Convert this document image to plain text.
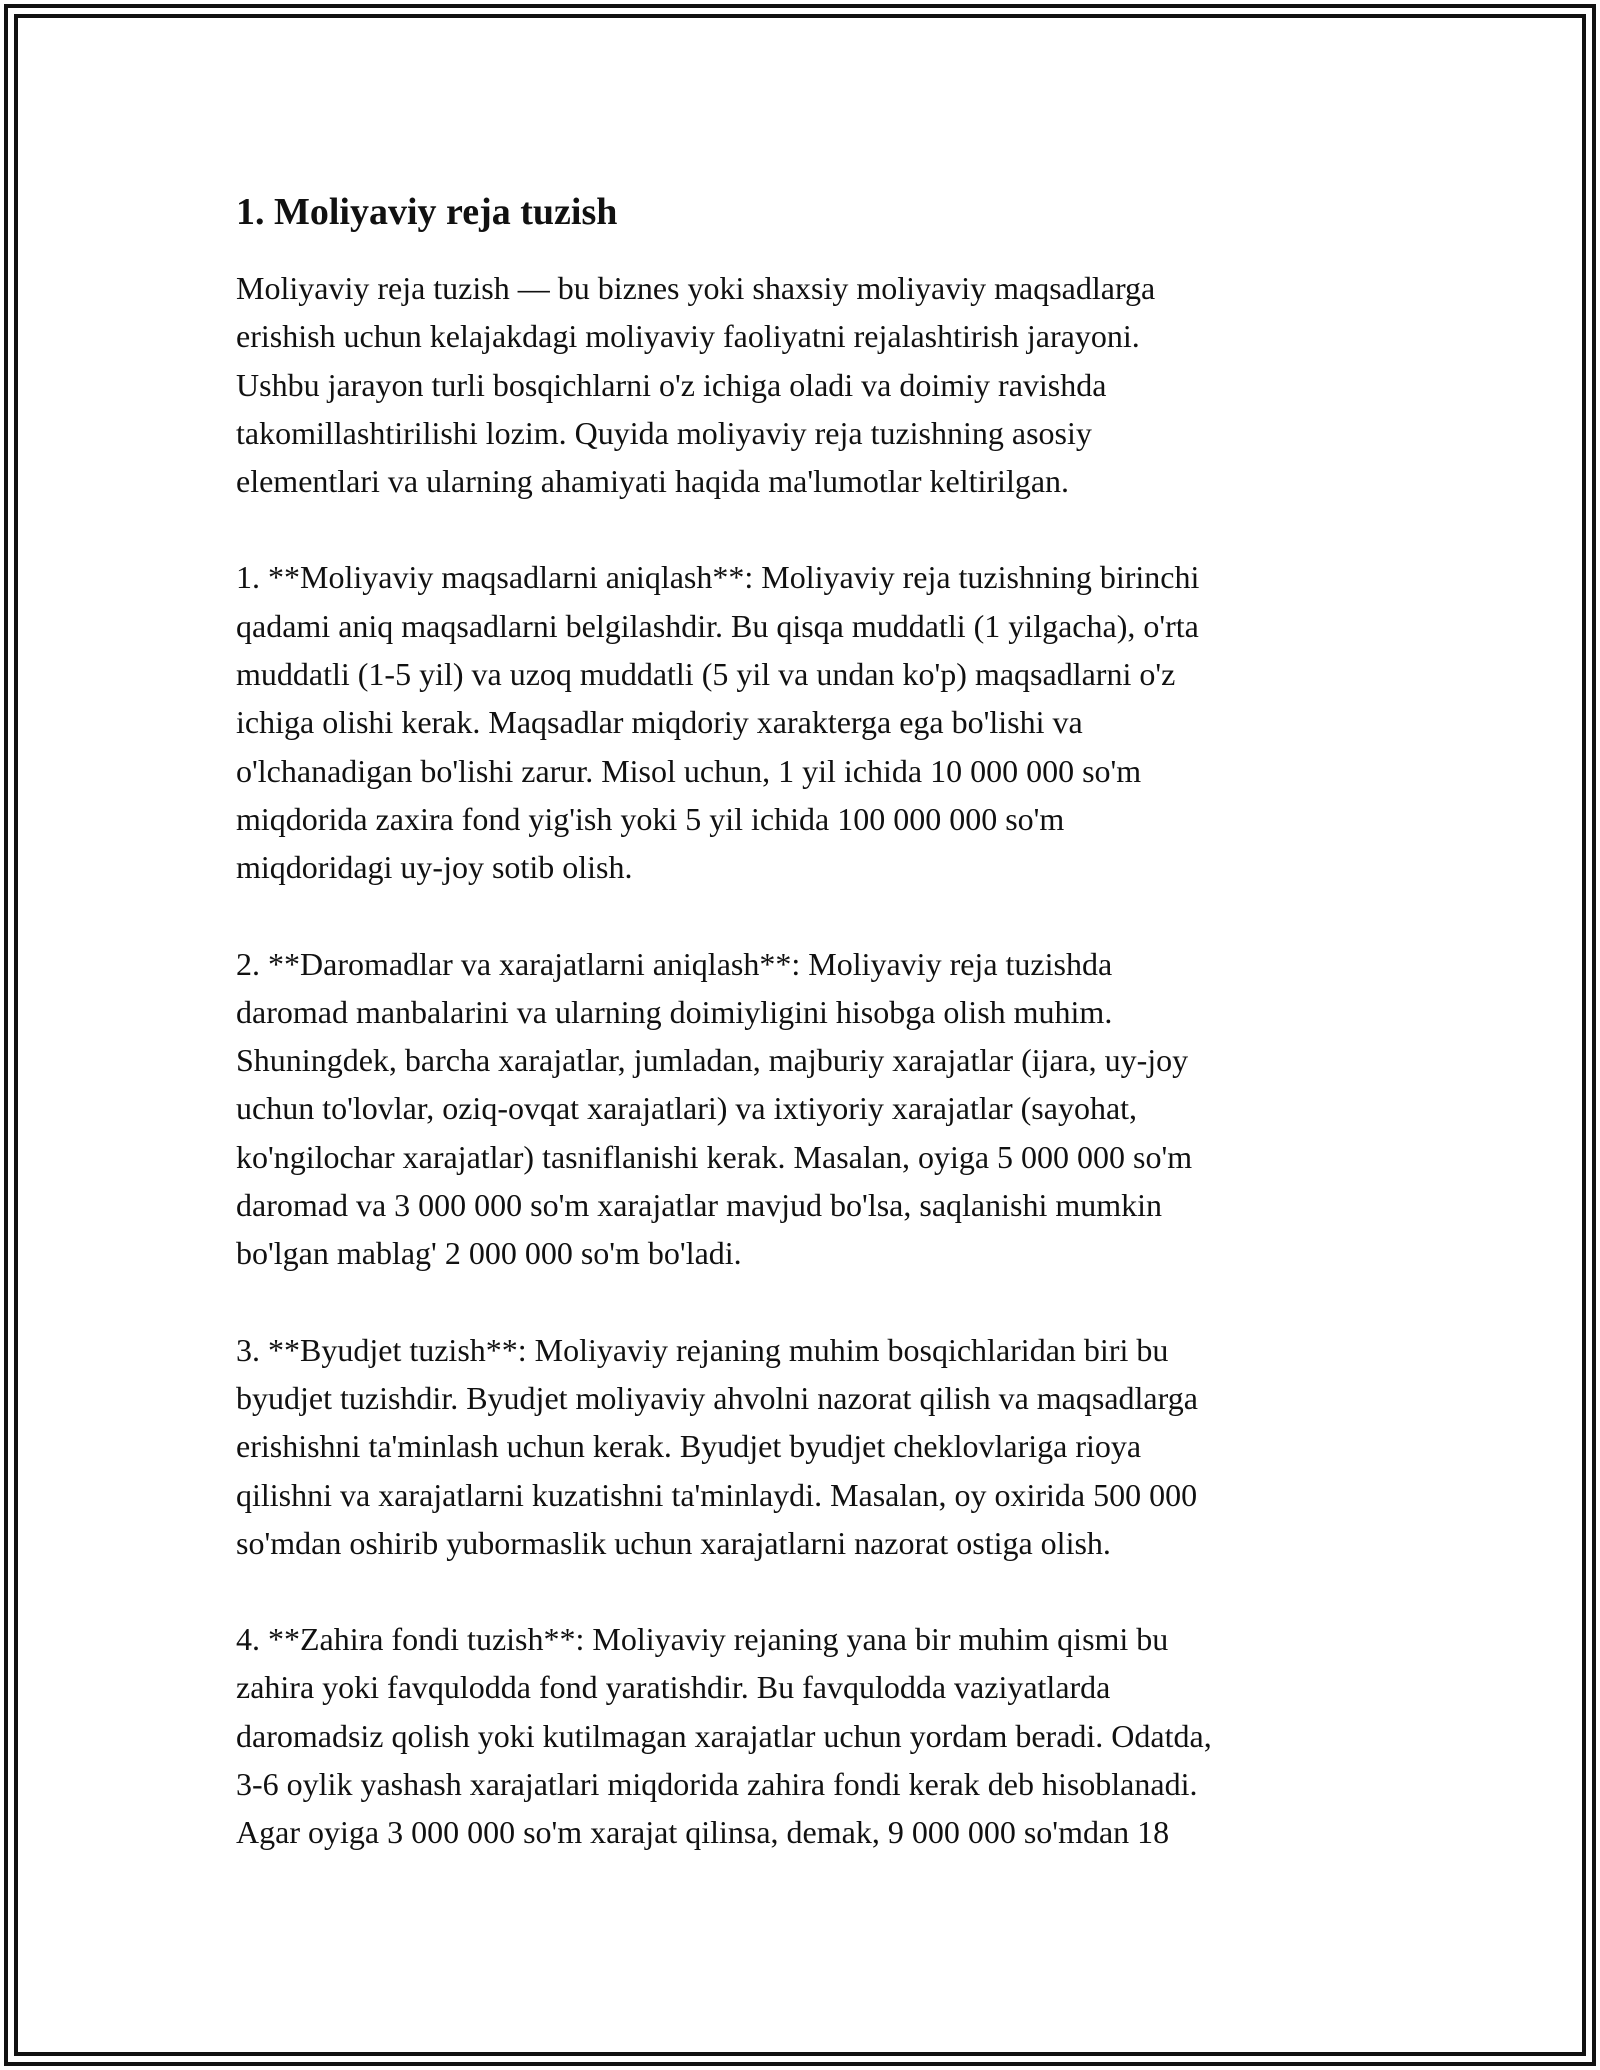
1. Moliyaviy reja tuzish

Moliyaviy reja tuzish — bu biznes yoki shaxsiy moliyaviy maqsadlarga
erishish uchun kelajakdagi moliyaviy faoliyatni rejalashtirish jarayoni.
Ushbu jarayon turli bosqichlarni o'z ichiga oladi va doimiy ravishda
takomillashtirilishi lozim. Quyida moliyaviy reja tuzishning asosiy
elementlari va ularning ahamiyati haqida ma'lumotlar keltirilgan.

1. **Moliyaviy maqsadlarni aniqlash**: Moliyaviy reja tuzishning birinchi
qadami aniq maqsadlarni belgilashdir. Bu qisqa muddatli (1 yilgacha), o'rta
muddatli (1-5 yil) va uzoq muddatli (5 yil va undan ko'p) maqsadlarni o'z
ichiga olishi kerak. Maqsadlar miqdoriy xarakterga ega bo'lishi va
o'lchanadigan bo'lishi zarur. Misol uchun, 1 yil ichida 10 000 000 so'm
miqdorida zaxira fond yig'ish yoki 5 yil ichida 100 000 000 so'm
miqdoridagi uy-joy sotib olish.

2. **Daromadlar va xarajatlarni aniqlash**: Moliyaviy reja tuzishda
daromad manbalarini va ularning doimiyligini hisobga olish muhim.
Shuningdek, barcha xarajatlar, jumladan, majburiy xarajatlar (ijara, uy-joy
uchun to'lovlar, oziq-ovqat xarajatlari) va ixtiyoriy xarajatlar (sayohat,
ko'ngilochar xarajatlar) tasniflanishi kerak. Masalan, oyiga 5 000 000 so'm
daromad va 3 000 000 so'm xarajatlar mavjud bo'lsa, saqlanishi mumkin
bo'lgan mablag' 2 000 000 so'm bo'ladi.

3. **Byudjet tuzish**: Moliyaviy rejaning muhim bosqichlaridan biri bu
byudjet tuzishdir. Byudjet moliyaviy ahvolni nazorat qilish va maqsadlarga
erishishni ta'minlash uchun kerak. Byudjet byudjet cheklovlariga rioya
qilishni va xarajatlarni kuzatishni ta'minlaydi. Masalan, oy oxirida 500 000
so'mdan oshirib yubormaslik uchun xarajatlarni nazorat ostiga olish.

4. **Zahira fondi tuzish**: Moliyaviy rejaning yana bir muhim qismi bu
zahira yoki favqulodda fond yaratishdir. Bu favqulodda vaziyatlarda
daromadsiz qolish yoki kutilmagan xarajatlar uchun yordam beradi. Odatda,
3-6 oylik yashash xarajatlari miqdorida zahira fondi kerak deb hisoblanadi.
Agar oyiga 3 000 000 so'm xarajat qilinsa, demak, 9 000 000 so'mdan 18
